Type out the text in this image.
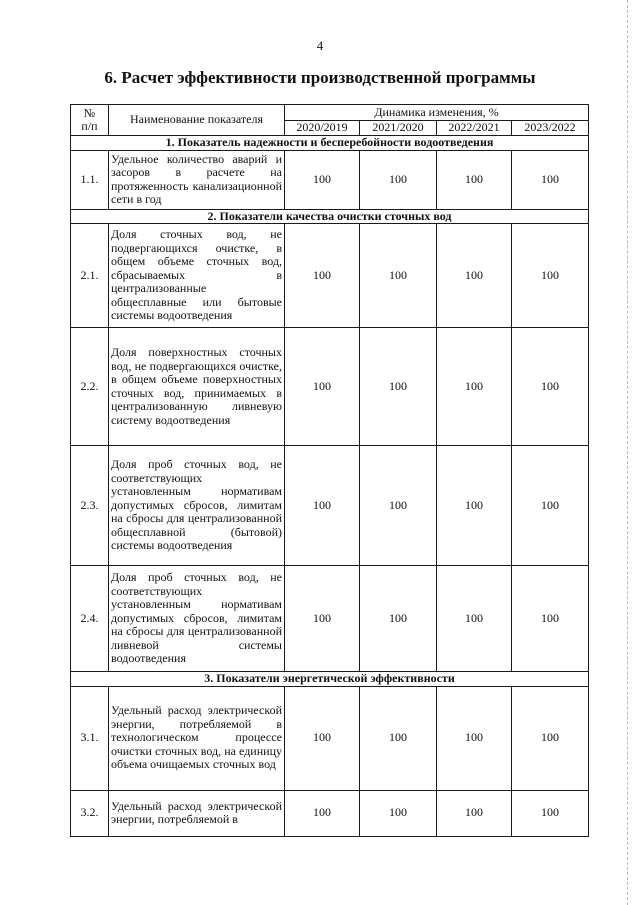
4
6. Расчет эффективности производственной программы
№
п/п	Наименование показателя	Динамика изменения, %			
		2020/2019	2021/2020	2022/2021	2023/2022
1. Показатель надежности и бесперебойности водоотведения					
1.1.	Удельное количество аварий и засоров в расчете на протяженность канализационной сети в год	100	100	100	100
2. Показатели качества очистки сточных вод					
2.1.	Доля сточных вод, не подвергающихся очистке, в общем объеме сточных вод, сбрасываемых в централизованные общесплавные или бытовые системы водоотведения	100	100	100	100
2.2.	Доля поверхностных сточных вод, не подвергающихся очистке, в общем объеме поверхностных сточных вод, принимаемых в централизованную ливневую систему водоотведения	100	100	100	100
2.3.	Доля проб сточных вод, не соответствующих установленным нормативам допустимых сбросов, лимитам на сбросы для централизованной общесплавной (бытовой) системы водоотведения	100	100	100	100
2.4.	Доля проб сточных вод, не соответствующих установленным нормативам допустимых сбросов, лимитам на сбросы для централизованной ливневой системы водоотведения	100	100	100	100
3. Показатели энергетической эффективности					
3.1.	Удельный расход электрической энергии, потребляемой в технологическом процессе очистки сточных вод, на единицу объема очищаемых сточных вод	100	100	100	100
3.2.	Удельный расход электрической энергии, потребляемой в	100	100	100	100
